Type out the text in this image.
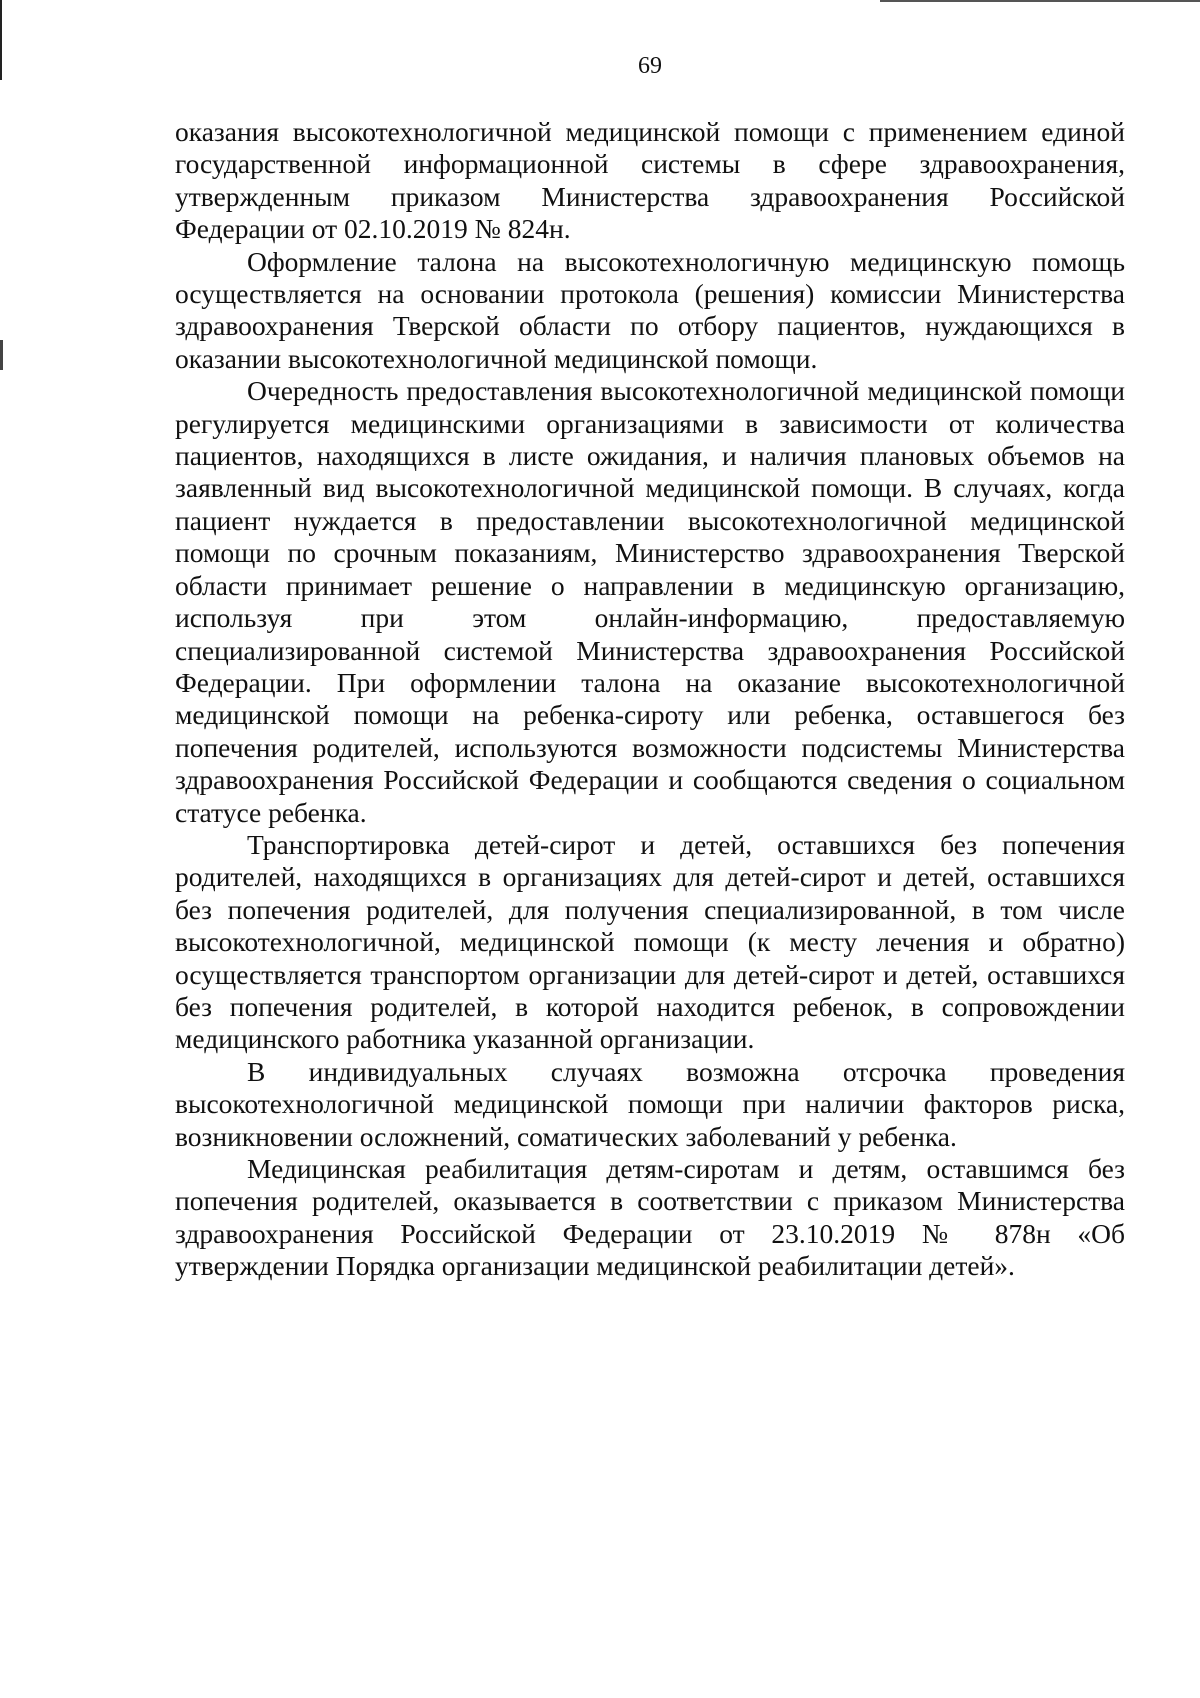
69

оказания высокотехнологичной медицинской помощи с применением единой государственной информационной системы в сфере здравоохранения, утвержденным приказом Министерства здравоохранения Российской Федерации от 02.10.2019 № 824н.

Оформление талона на высокотехнологичную медицинскую помощь осуществляется на основании протокола (решения) комиссии Министерства здравоохранения Тверской области по отбору пациентов, нуждающихся в оказании высокотехнологичной медицинской помощи.

Очередность предоставления высокотехнологичной медицинской помощи регулируется медицинскими организациями в зависимости от количества пациентов, находящихся в листе ожидания, и наличия плановых объемов на заявленный вид высокотехнологичной медицинской помощи. В случаях, когда пациент нуждается в предоставлении высокотехнологичной медицинской помощи по срочным показаниям, Министерство здравоохранения Тверской области принимает решение о направлении в медицинскую организацию, используя при этом онлайн-информацию, предоставляемую специализированной системой Министерства здравоохранения Российской Федерации. При оформлении талона на оказание высокотехнологичной медицинской помощи на ребенка-сироту или ребенка, оставшегося без попечения родителей, используются возможности подсистемы Министерства здравоохранения Российской Федерации и сообщаются сведения о социальном статусе ребенка.

Транспортировка детей-сирот и детей, оставшихся без попечения родителей, находящихся в организациях для детей-сирот и детей, оставшихся без попечения родителей, для получения специализированной, в том числе высокотехнологичной, медицинской помощи (к месту лечения и обратно) осуществляется транспортом организации для детей-сирот и детей, оставшихся без попечения родителей, в которой находится ребенок, в сопровождении медицинского работника указанной организации.

В индивидуальных случаях возможна отсрочка проведения высокотехнологичной медицинской помощи при наличии факторов риска, возникновении осложнений, соматических заболеваний у ребенка.

Медицинская реабилитация детям-сиротам и детям, оставшимся без попечения родителей, оказывается в соответствии с приказом Министерства здравоохранения Российской Федерации от 23.10.2019 № 878н «Об утверждении Порядка организации медицинской реабилитации детей».
